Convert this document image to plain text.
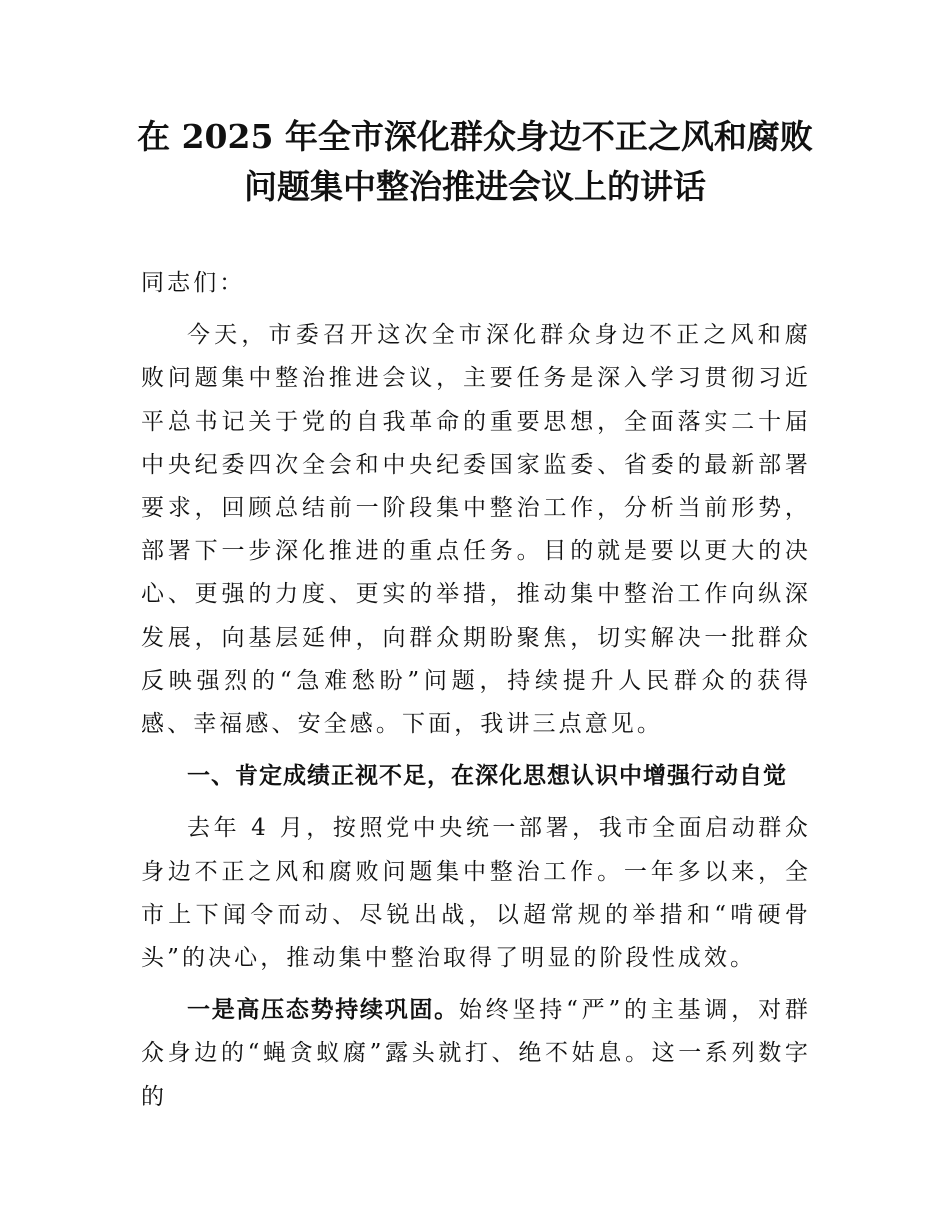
在 2025 年全市深化群众身边不正之风和腐败
问题集中整治推进会议上的讲话

同志们：

今天，市委召开这次全市深化群众身边不正之风和腐败问题集中整治推进会议，主要任务是深入学习贯彻习近平总书记关于党的自我革命的重要思想，全面落实二十届中央纪委四次全会和中央纪委国家监委、省委的最新部署要求，回顾总结前一阶段集中整治工作，分析当前形势，部署下一步深化推进的重点任务。目的就是要以更大的决心、更强的力度、更实的举措，推动集中整治工作向纵深发展，向基层延伸，向群众期盼聚焦，切实解决一批群众反映强烈的“急难愁盼”问题，持续提升人民群众的获得感、幸福感、安全感。下面，我讲三点意见。

一、肯定成绩正视不足，在深化思想认识中增强行动自觉

去年 4 月，按照党中央统一部署，我市全面启动群众身边不正之风和腐败问题集中整治工作。一年多以来，全市上下闻令而动、尽锐出战，以超常规的举措和“啃硬骨头”的决心，推动集中整治取得了明显的阶段性成效。

一是高压态势持续巩固。始终坚持“严”的主基调，对群众身边的“蝇贪蚁腐”露头就打、绝不姑息。这一系列数字的
